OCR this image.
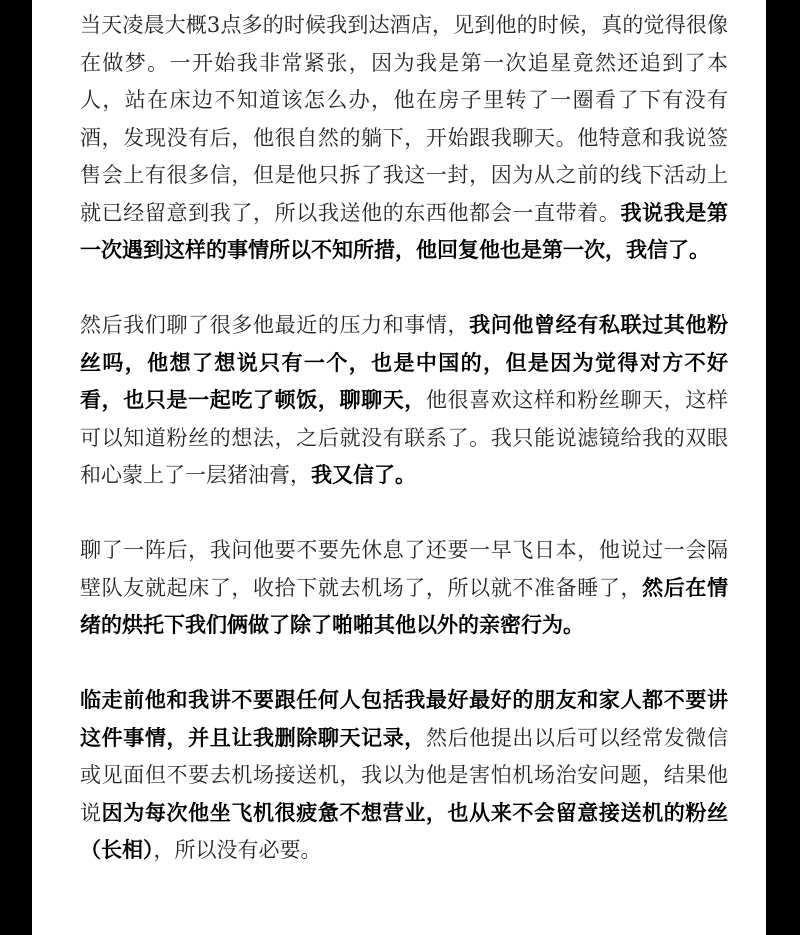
当天凌晨大概3点多的时候我到达酒店，见到他的时候，真的觉得很像在做梦。一开始我非常紧张，因为我是第一次追星竟然还追到了本人，站在床边不知道该怎么办，他在房子里转了一圈看了下有没有酒，发现没有后，他很自然的躺下，开始跟我聊天。他特意和我说签售会上有很多信，但是他只拆了我这一封，因为从之前的线下活动上就已经留意到我了，所以我送他的东西他都会一直带着。我说我是第一次遇到这样的事情所以不知所措，他回复他也是第一次，我信了。

然后我们聊了很多他最近的压力和事情，我问他曾经有私联过其他粉丝吗，他想了想说只有一个，也是中国的，但是因为觉得对方不好看，也只是一起吃了顿饭，聊聊天，他很喜欢这样和粉丝聊天，这样可以知道粉丝的想法，之后就没有联系了。我只能说滤镜给我的双眼和心蒙上了一层猪油膏，我又信了。

聊了一阵后，我问他要不要先休息了还要一早飞日本，他说过一会隔壁队友就起床了，收拾下就去机场了，所以就不准备睡了，然后在情绪的烘托下我们俩做了除了啪啪其他以外的亲密行为。

临走前他和我讲不要跟任何人包括我最好最好的朋友和家人都不要讲这件事情，并且让我删除聊天记录，然后他提出以后可以经常发微信或见面但不要去机场接送机，我以为他是害怕机场治安问题，结果他说因为每次他坐飞机很疲惫不想营业，也从来不会留意接送机的粉丝（长相），所以没有必要。
